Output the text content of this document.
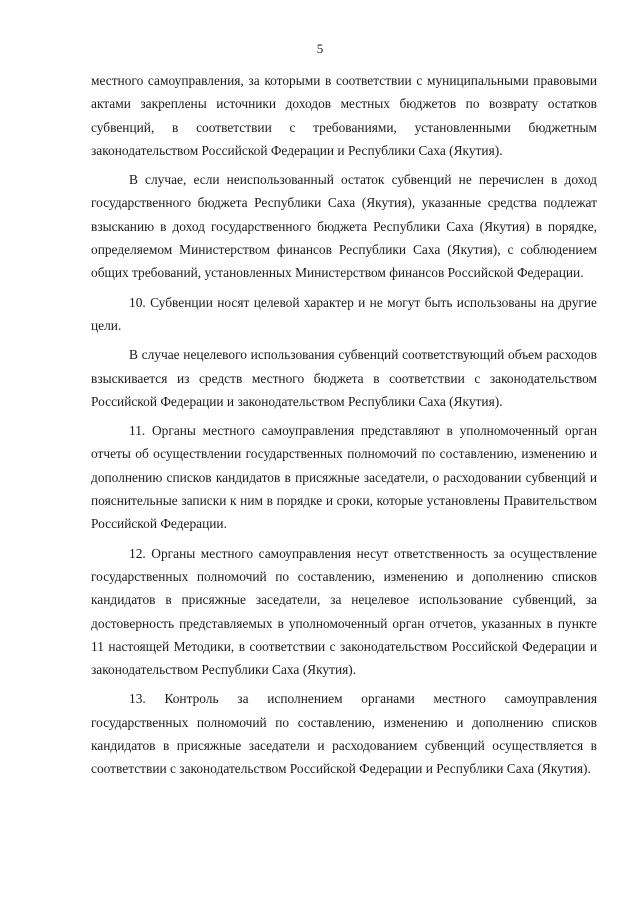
5

местного самоуправления, за которыми в соответствии с муниципальными правовыми актами закреплены источники доходов местных бюджетов по возврату остатков субвенций, в соответствии с требованиями, установленными бюджетным законодательством Российской Федерации и Республики Саха (Якутия).

В случае, если неиспользованный остаток субвенций не перечислен в доход государственного бюджета Республики Саха (Якутия), указанные средства подлежат взысканию в доход государственного бюджета Республики Саха (Якутия) в порядке, определяемом Министерством финансов Республики Саха (Якутия), с соблюдением общих требований, установленных Министерством финансов Российской Федерации.

10. Субвенции носят целевой характер и не могут быть использованы на другие цели.

В случае нецелевого использования субвенций соответствующий объем расходов взыскивается из средств местного бюджета в соответствии с законодательством Российской Федерации и законодательством Республики Саха (Якутия).

11. Органы местного самоуправления представляют в уполномоченный орган отчеты об осуществлении государственных полномочий по составлению, изменению и дополнению списков кандидатов в присяжные заседатели, о расходовании субвенций и пояснительные записки к ним в порядке и сроки, которые установлены Правительством Российской Федерации.

12. Органы местного самоуправления несут ответственность за осуществление государственных полномочий по составлению, изменению и дополнению списков кандидатов в присяжные заседатели, за нецелевое использование субвенций, за достоверность представляемых в уполномоченный орган отчетов, указанных в пункте 11 настоящей Методики, в соответствии с законодательством Российской Федерации и законодательством Республики Саха (Якутия).

13. Контроль за исполнением органами местного самоуправления государственных полномочий по составлению, изменению и дополнению списков кандидатов в присяжные заседатели и расходованием субвенций осуществляется в соответствии с законодательством Российской Федерации и Республики Саха (Якутия).
